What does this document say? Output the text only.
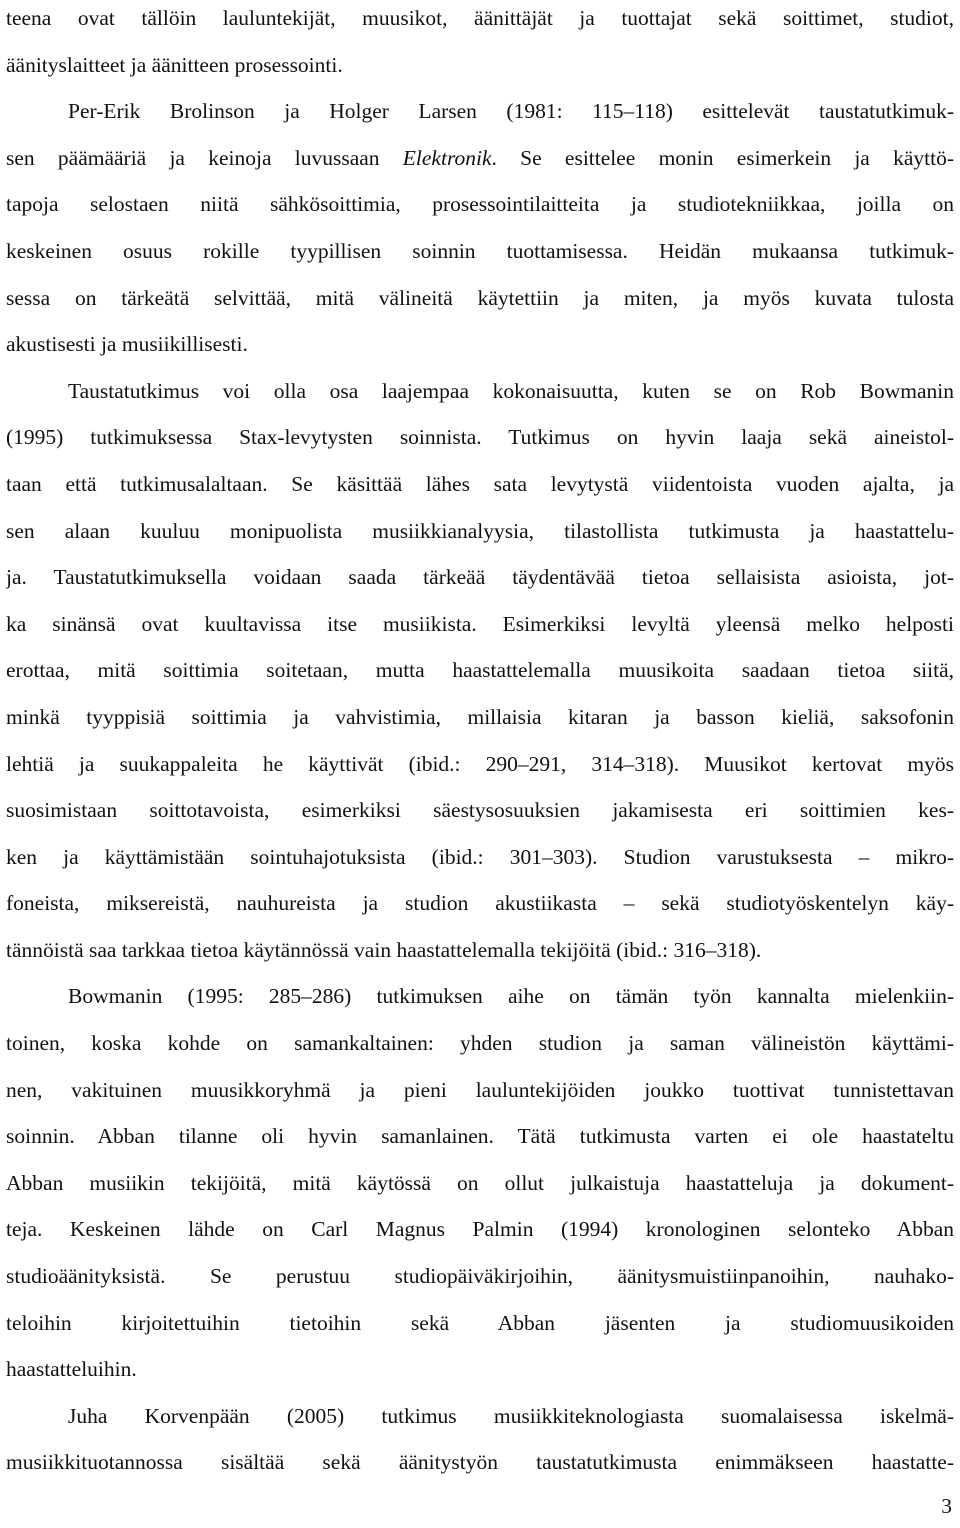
teena ovat tällöin lauluntekijät, muusikot, äänittäjät ja tuottajat sekä soittimet, studiot,
äänityslaitteet ja äänitteen prosessointi.
Per-Erik Brolinson ja Holger Larsen (1981: 115–118) esittelevät taustatutkimuk-
sen päämääriä ja keinoja luvussaan Elektronik. Se esittelee monin esimerkein ja käyttö-
tapoja selostaen niitä sähkösoittimia, prosessointilaitteita ja studiotekniikkaa, joilla on
keskeinen osuus rokille tyypillisen soinnin tuottamisessa. Heidän mukaansa tutkimuk-
sessa on tärkeätä selvittää, mitä välineitä käytettiin ja miten, ja myös kuvata tulosta
akustisesti ja musiikillisesti.
Taustatutkimus voi olla osa laajempaa kokonaisuutta, kuten se on Rob Bowmanin
(1995) tutkimuksessa Stax-levytysten soinnista. Tutkimus on hyvin laaja sekä aineistol-
taan että tutkimusalaltaan. Se käsittää lähes sata levytystä viidentoista vuoden ajalta, ja
sen alaan kuuluu monipuolista musiikkianalyysia, tilastollista tutkimusta ja haastattelu-
ja. Taustatutkimuksella voidaan saada tärkeää täydentävää tietoa sellaisista asioista, jot-
ka sinänsä ovat kuultavissa itse musiikista. Esimerkiksi levyltä yleensä melko helposti
erottaa, mitä soittimia soitetaan, mutta haastattelemalla muusikoita saadaan tietoa siitä,
minkä tyyppisiä soittimia ja vahvistimia, millaisia kitaran ja basson kieliä, saksofonin
lehtiä ja suukappaleita he käyttivät (ibid.: 290–291, 314–318). Muusikot kertovat myös
suosimistaan soittotavoista, esimerkiksi säestysosuuksien jakamisesta eri soittimien kes-
ken ja käyttämistään sointuhajotuksista (ibid.: 301–303). Studion varustuksesta – mikro-
foneista, miksereistä, nauhureista ja studion akustiikasta – sekä studiotyöskentelyn käy-
tännöistä saa tarkkaa tietoa käytännössä vain haastattelemalla tekijöitä (ibid.: 316–318).
Bowmanin (1995: 285–286) tutkimuksen aihe on tämän työn kannalta mielenkiin-
toinen, koska kohde on samankaltainen: yhden studion ja saman välineistön käyttämi-
nen, vakituinen muusikkoryhmä ja pieni lauluntekijöiden joukko tuottivat tunnistettavan
soinnin. Abban tilanne oli hyvin samanlainen. Tätä tutkimusta varten ei ole haastateltu
Abban musiikin tekijöitä, mitä käytössä on ollut julkaistuja haastatteluja ja dokument-
teja. Keskeinen lähde on Carl Magnus Palmin (1994) kronologinen selonteko Abban
studioäänityksistä. Se perustuu studiopäiväkirjoihin, äänitysmuistiinpanoihin, nauhako-
teloihin kirjoitettuihin tietoihin sekä Abban jäsenten ja studiomuusikoiden
haastatteluihin.
Juha Korvenpään (2005) tutkimus musiikkiteknologiasta suomalaisessa iskelmä-
musiikkituotannossa sisältää sekä äänitystyön taustatutkimusta enimmäkseen haastatte-
3
